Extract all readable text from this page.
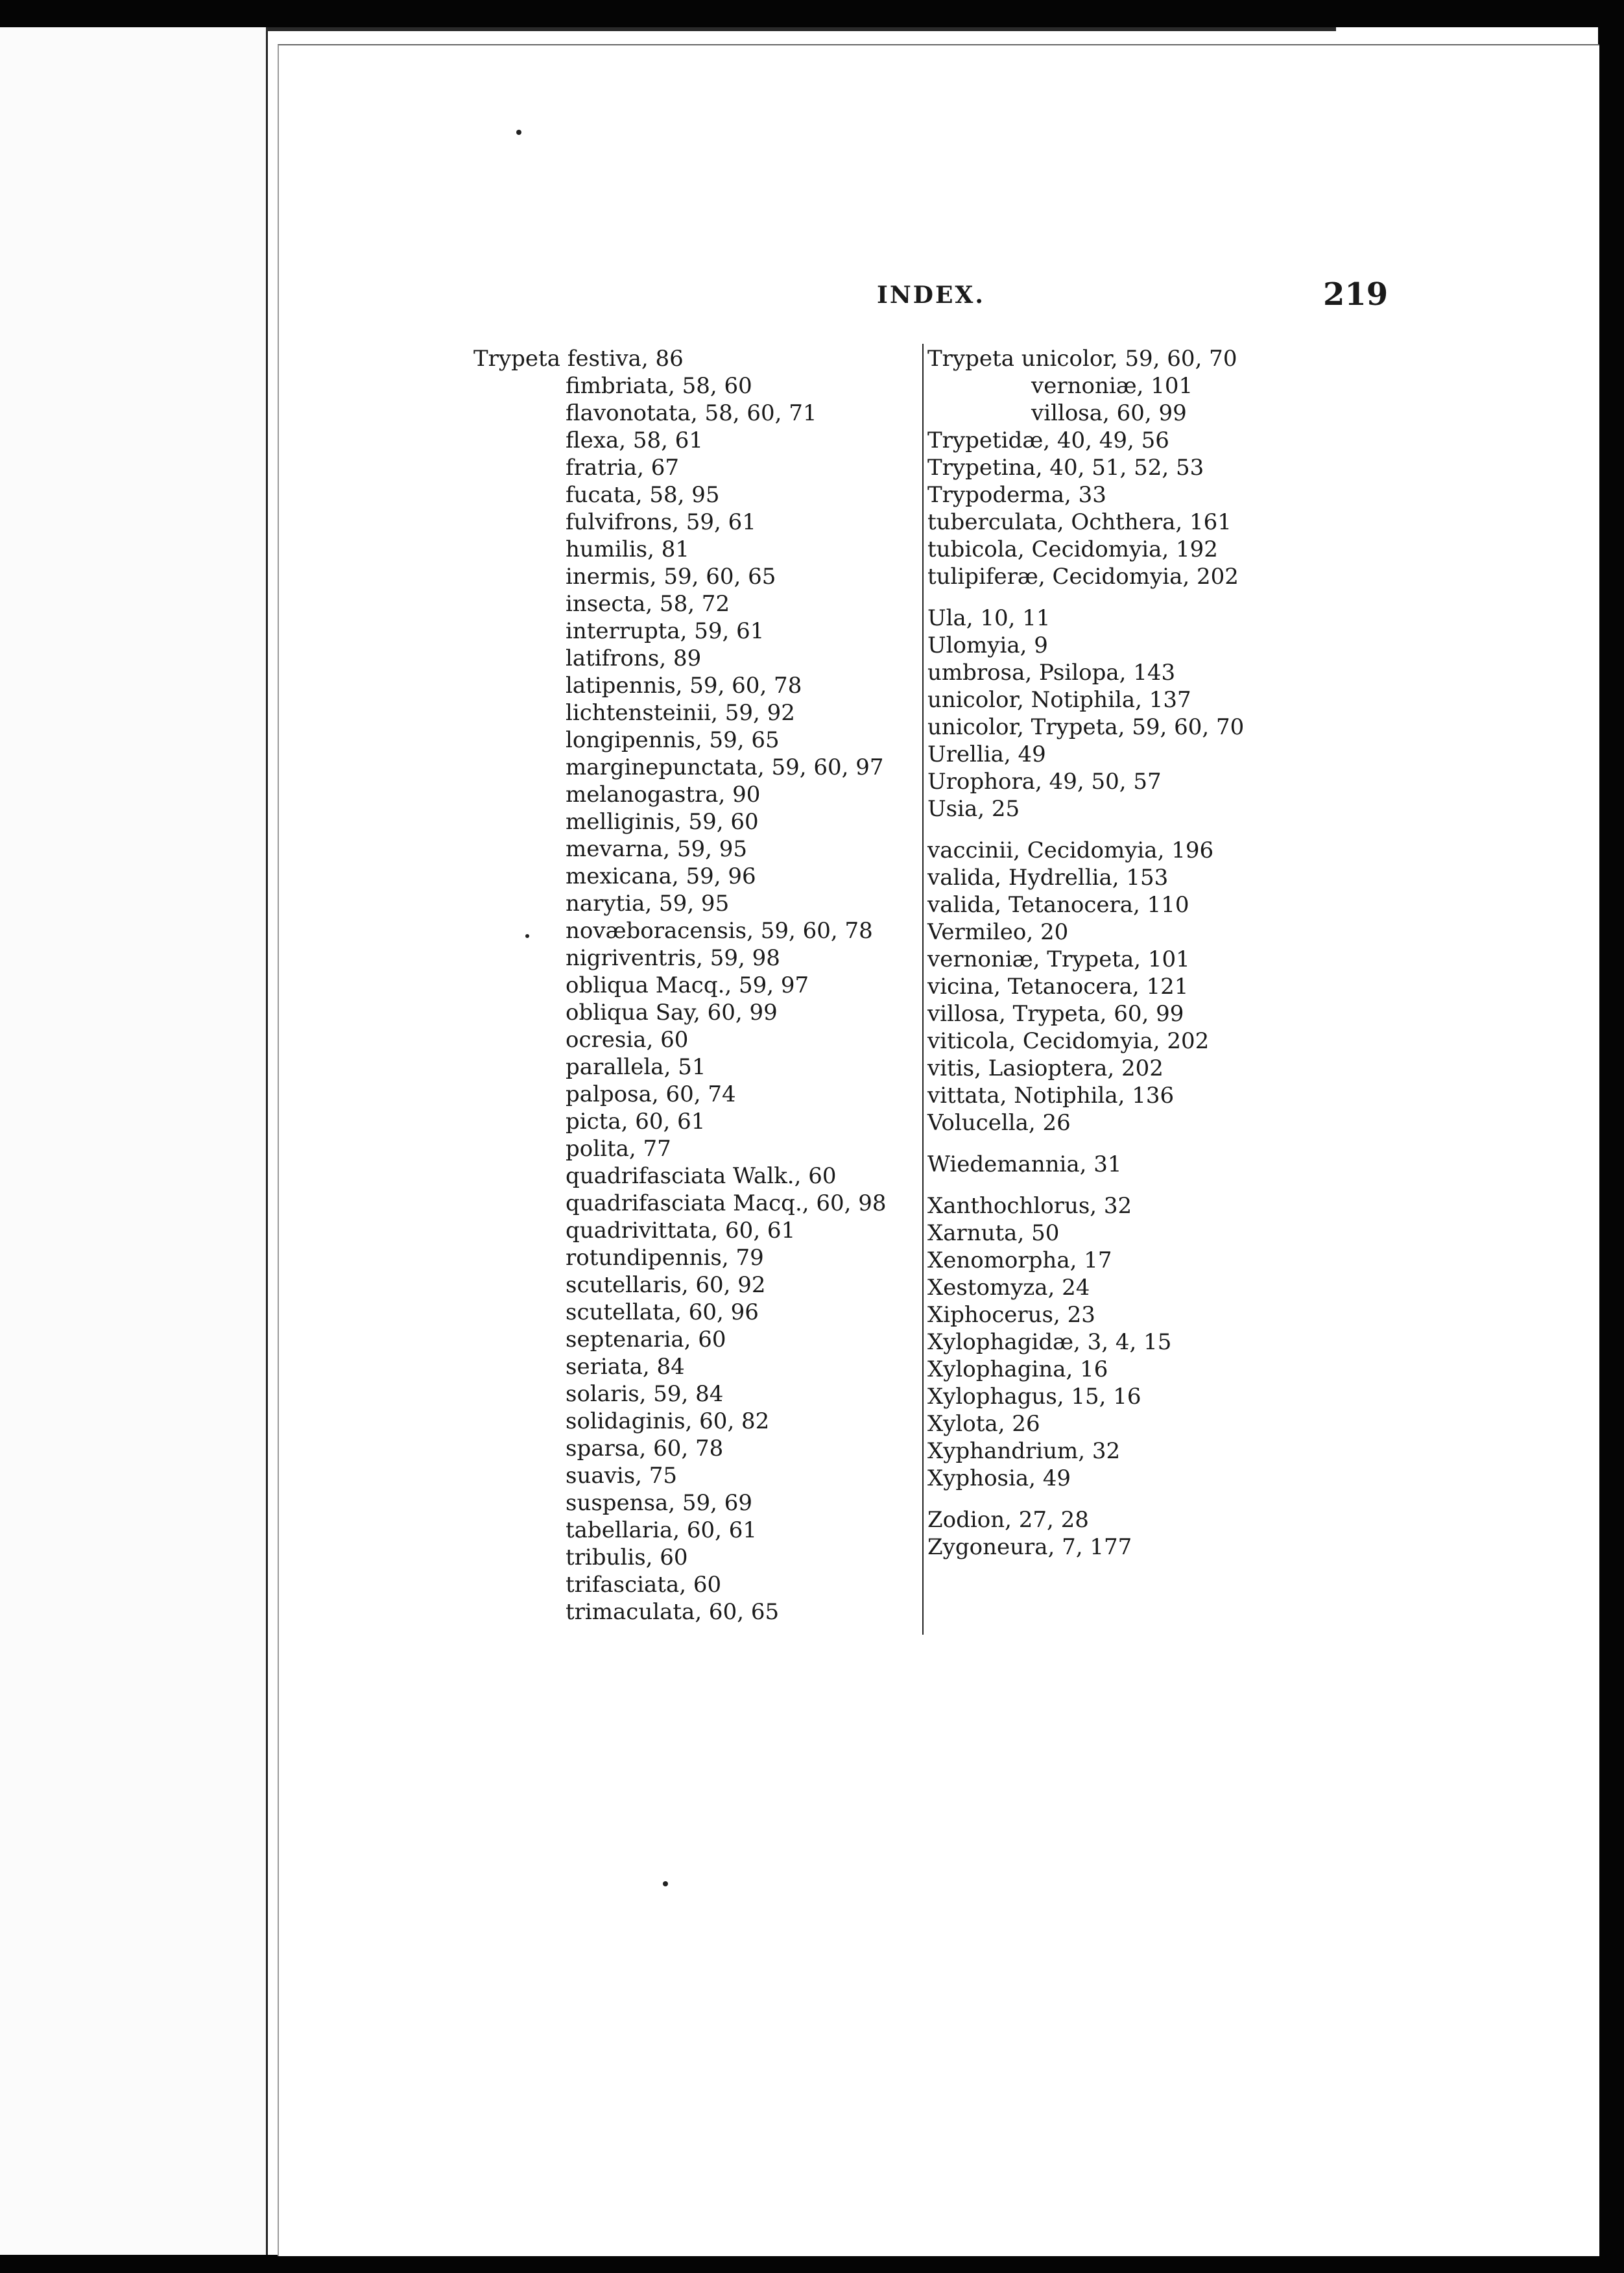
INDEX.	219
Trypeta festiva, 86
fimbriata, 58, 60
flavonotata, 58, 60, 71
flexa, 58, 61
fratria, 67
fucata, 58, 95
fulvifrons, 59, 61
humilis, 81
inermis, 59, 60, 65
insecta, 58, 72
interrupta, 59, 61
latifrons, 89
latipennis, 59, 60, 78
lichtensteinii, 59, 92
longipennis, 59, 65
marginepunctata, 59, 60, 97
melanogastra, 90
melliginis, 59, 60
mevarna, 59, 95
mexicana, 59, 96
narytia, 59, 95
novæboracensis, 59, 60, 78
nigriventris, 59, 98
obliqua Macq., 59, 97
obliqua Say, 60, 99
ocresia, 60
parallela, 51
palposa, 60, 74
picta, 60, 61
polita, 77
quadrifasciata Walk., 60
quadrifasciata Macq., 60, 98
quadrivittata, 60, 61
rotundipennis, 79
scutellaris, 60, 92
scutellata, 60, 96
septenaria, 60
seriata, 84
solaris, 59, 84
solidaginis, 60, 82
sparsa, 60, 78
suavis, 75
suspensa, 59, 69
tabellaria, 60, 61
tribulis, 60
trifasciata, 60
trimaculata, 60, 65
Trypeta unicolor, 59, 60, 70
vernoniæ, 101
villosa, 60, 99
Trypetidæ, 40, 49, 56
Trypetina, 40, 51, 52, 53
Trypoderma, 33
tuberculata, Ochthera, 161
tubicola, Cecidomyia, 192
tulipiferæ, Cecidomyia, 202
Ula, 10, 11
Ulomyia, 9
umbrosa, Psilopa, 143
unicolor, Notiphila, 137
unicolor, Trypeta, 59, 60, 70
Urellia, 49
Urophora, 49, 50, 57
Usia, 25
vaccinii, Cecidomyia, 196
valida, Hydrellia, 153
valida, Tetanocera, 110
Vermileo, 20
vernoniæ, Trypeta, 101
vicina, Tetanocera, 121
villosa, Trypeta, 60, 99
viticola, Cecidomyia, 202
vitis, Lasioptera, 202
vittata, Notiphila, 136
Volucella, 26
Wiedemannia, 31
Xanthochlorus, 32
Xarnuta, 50
Xenomorpha, 17
Xestomyza, 24
Xiphocerus, 23
Xylophagidæ, 3, 4, 15
Xylophagina, 16
Xylophagus, 15, 16
Xylota, 26
Xyphandrium, 32
Xyphosia, 49
Zodion, 27, 28
Zygoneura, 7, 177
